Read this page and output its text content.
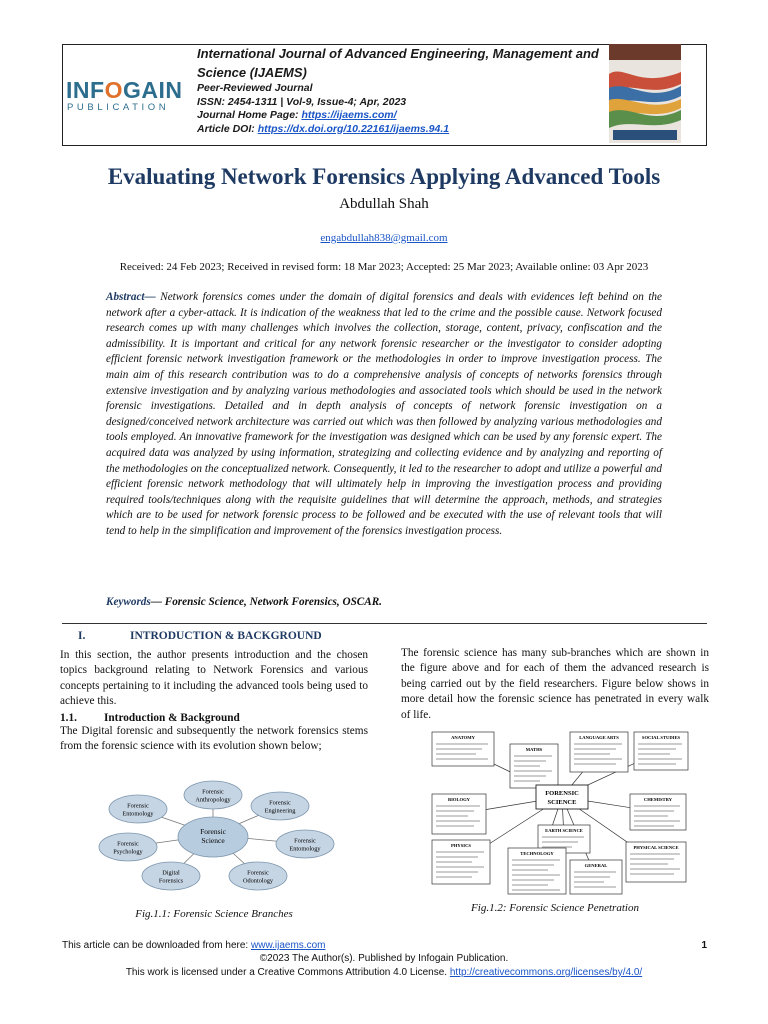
INFOGAIN
PUBLICATION
International Journal of Advanced Engineering, Management and Science (IJAEMS)
Peer-Reviewed Journal
ISSN: 2454-1311 | Vol-9, Issue-4; Apr, 2023
Journal Home Page: https://ijaems.com/
Article DOI: https://dx.doi.org/10.22161/ijaems.94.1
Evaluating Network Forensics Applying Advanced Tools
Abdullah Shah
engabdullah838@gmail.com
Received: 24 Feb 2023; Received in revised form: 18 Mar 2023; Accepted: 25 Mar 2023; Available online: 03 Apr 2023
Abstract— Network forensics comes under the domain of digital forensics and deals with evidences left behind on the network after a cyber-attack. It is indication of the weakness that led to the crime and the possible cause. Network focused research comes up with many challenges which involves the collection, storage, content, privacy, confiscation and the admissibility. It is important and critical for any network forensic researcher or the investigator to consider adopting efficient forensic network investigation framework or the methodologies in order to improve investigation process. The main aim of this research contribution was to do a comprehensive analysis of concepts of networks forensics through extensive investigation and by analyzing various methodologies and associated tools which should be used in the network forensic investigations. Detailed and in depth analysis of concepts of network forensic investigation on a designed/conceived network architecture was carried out which was then followed by analyzing various methodologies and tools employed. An innovative framework for the investigation was designed which can be used by any forensic expert. The acquired data was analyzed by using information, strategizing and collecting evidence and by analyzing and reporting of the methodologies on the conceptualized network. Consequently, it led to the researcher to adopt and utilize a powerful and efficient forensic network methodology that will ultimately help in improving the investigation process and providing required tools/techniques along with the requisite guidelines that will determine the approach, methods, and strategies which are to be used for network forensic process to be followed and be executed with the use of relevant tools that will tend to help in the simplification and improvement of the forensics investigation process.
Keywords— Forensic Science, Network Forensics, OSCAR.
I.	INTRODUCTION & BACKGROUND

In this section, the author presents introduction and the chosen topics background relating to Network Forensics and various concepts pertaining to it including the advanced tools being used to achieve this.

1.1. Introduction & Background

The Digital forensic and subsequently the network forensics stems from the forensic science with its evolution shown below;

Forensic
Science
Forensic
Anthropology	Forensic
Engineering
Forensic
Entomology
Forensic
Odontology
Digital
Forensics
Forensic
Psychology
Forensic
Entomology
Fig.1.1: Forensic Science Branches

The forensic science has many sub-branches which are shown in the figure above and for each of them the advanced research is being carried out by the field researchers. Figure below shows in more detail how the forensic science has penetrated in every walk of life.

ANATOMY
MATHS
LANGUAGE ARTS	SOCIAL STUDIES
BIOLOGY	CHEMISTRY
EARTH SCIENCE
PHYSICS
TECHNOLOGY
GENERAL
PHYSICAL SCIENCE
FORENSIC
SCIENCE
Fig.1.2: Forensic Science Penetration
This article can be downloaded from here: www.ijaems.com	1
©2023 The Author(s). Published by Infogain Publication.
This work is licensed under a Creative Commons Attribution 4.0 License. http://creativecommons.org/licenses/by/4.0/
